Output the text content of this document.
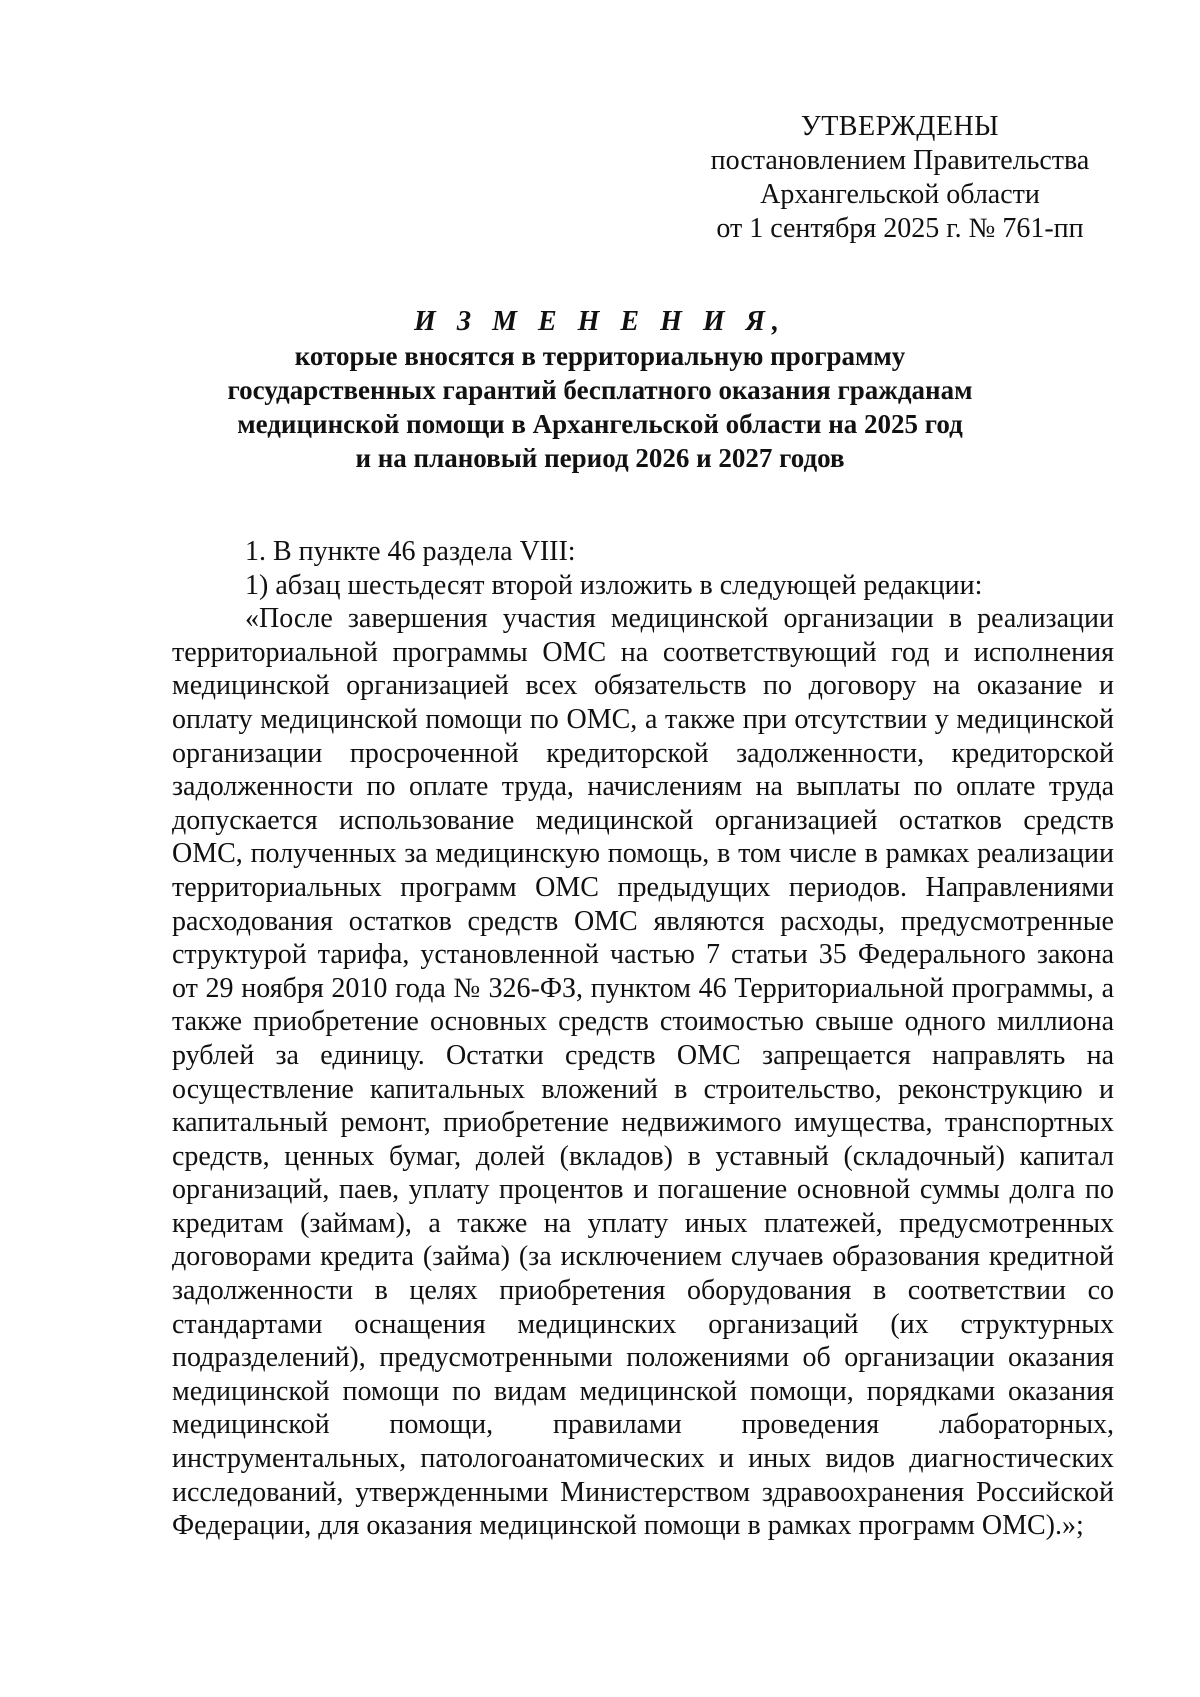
УТВЕРЖДЕНЫ
постановлением Правительства
Архангельской области
от 1 сентября 2025 г. № 761-пп
И З М Е Н Е Н И Я,
которые вносятся в территориальную программу
государственных гарантий бесплатного оказания гражданам
медицинской помощи в Архангельской области на 2025 год
и на плановый период 2026 и 2027 годов

1. В пункте 46 раздела VIII:

1) абзац шестьдесят второй изложить в следующей редакции:

«После завершения участия медицинской организации в реализации территориальной программы ОМС на соответствующий год и исполнения медицинской организацией всех обязательств по договору на оказание и оплату медицинской помощи по ОМС, а также при отсутствии у медицинской организации просроченной кредиторской задолженности, кредиторской задолженности по оплате труда, начислениям на выплаты по оплате труда допускается использование медицинской организацией остатков средств ОМС, полученных за медицинскую помощь, в том числе в рамках реализации территориальных программ ОМС предыдущих периодов. Направлениями расходования остатков средств ОМС являются расходы, предусмотренные структурой тарифа, установленной частью 7 статьи 35 Федерального закона от 29 ноября 2010 года № 326-ФЗ, пунктом 46 Территориальной программы, а также приобретение основных средств стоимостью свыше одного миллиона рублей за единицу. Остатки средств ОМС запрещается направлять на осуществление капитальных вложений в строительство, реконструкцию и капитальный ремонт, приобретение недвижимого имущества, транспортных средств, ценных бумаг, долей (вкладов) в уставный (складочный) капитал организаций, паев, уплату процентов и погашение основной суммы долга по кредитам (займам), а также на уплату иных платежей, предусмотренных договорами кредита (займа) (за исключением случаев образования кредитной задолженности в целях приобретения оборудования в соответствии со стандартами оснащения медицинских организаций (их структурных подразделений), предусмотренными положениями об организации оказания медицинской помощи по видам медицинской помощи, порядками оказания медицинской помощи, правилами проведения лабораторных, инструментальных, патологоанатомических и иных видов диагностических исследований, утвержденными Министерством здравоохранения Российской Федерации, для оказания медицинской помощи в рамках программ ОМС).»;
